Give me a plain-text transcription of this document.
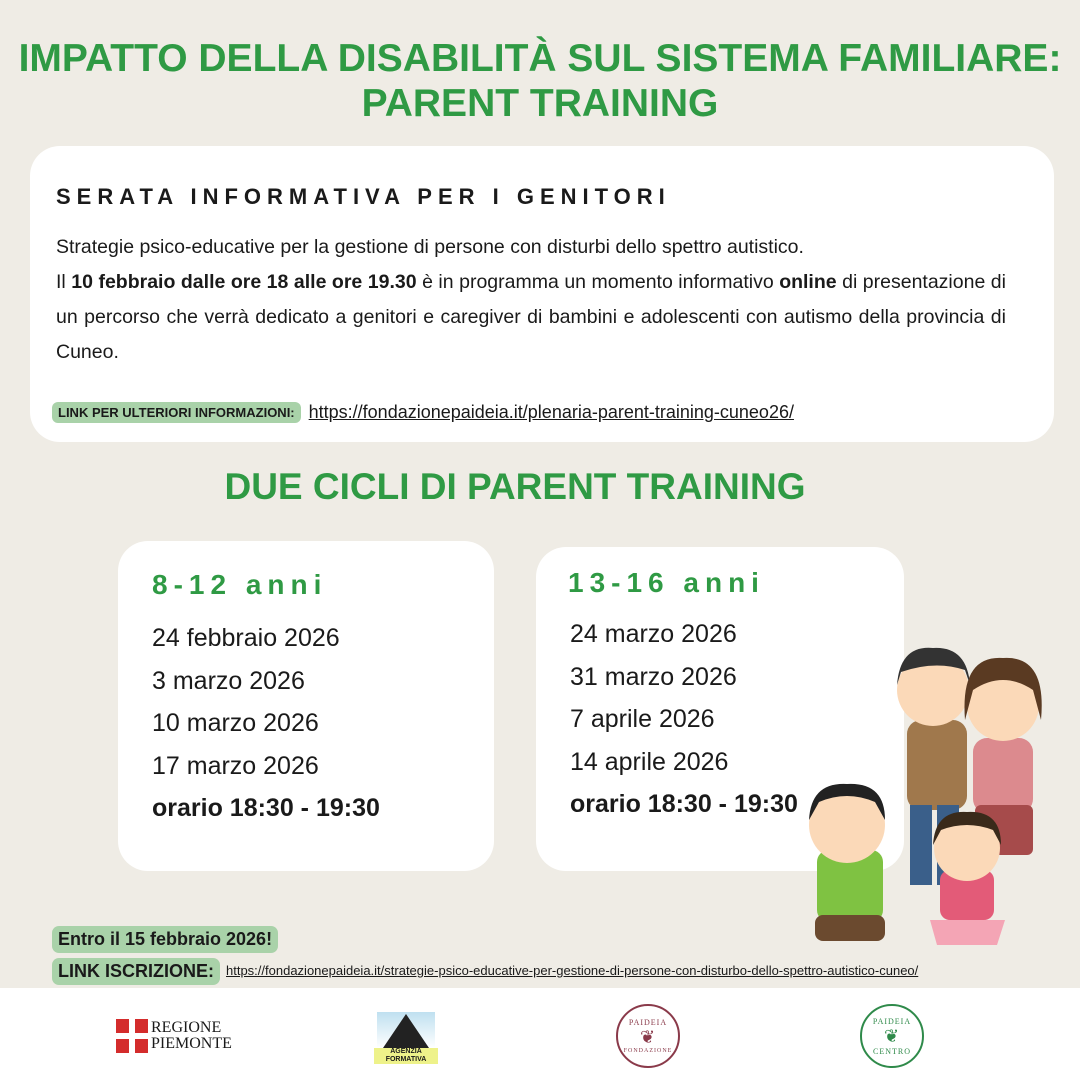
IMPATTO DELLA DISABILITÀ SUL SISTEMA FAMILIARE:
PARENT TRAINING
SERATA INFORMATIVA PER I GENITORI
Strategie psico-educative per la gestione di persone con disturbi dello spettro autistico.
Il 10 febbraio dalle ore 18 alle ore 19.30 è in programma un momento informativo online di presentazione di un percorso che verrà dedicato a genitori e caregiver di bambini e adolescenti con autismo della provincia di Cuneo.
LINK PER ULTERIORI INFORMAZIONI: https://fondazionepaideia.it/plenaria-parent-training-cuneo26/
DUE CICLI DI PARENT TRAINING
8-12 anni
24 febbraio 2026
3 marzo 2026
10 marzo 2026
17 marzo 2026
orario 18:30 - 19:30
13-16 anni
24 marzo 2026
31 marzo 2026
7 aprile 2026
14 aprile 2026
orario 18:30 - 19:30
Entro il 15 febbraio 2026!
LINK ISCRIZIONE: https://fondazionepaideia.it/strategie-psico-educative-per-gestione-di-persone-con-disturbo-dello-spettro-autistico-cuneo/
REGIONE
PIEMONTE	AGENZIA
FORMATIVA
PAIDEIA
❦
FONDAZIONE
PAIDEIA
❦
CENTRO
